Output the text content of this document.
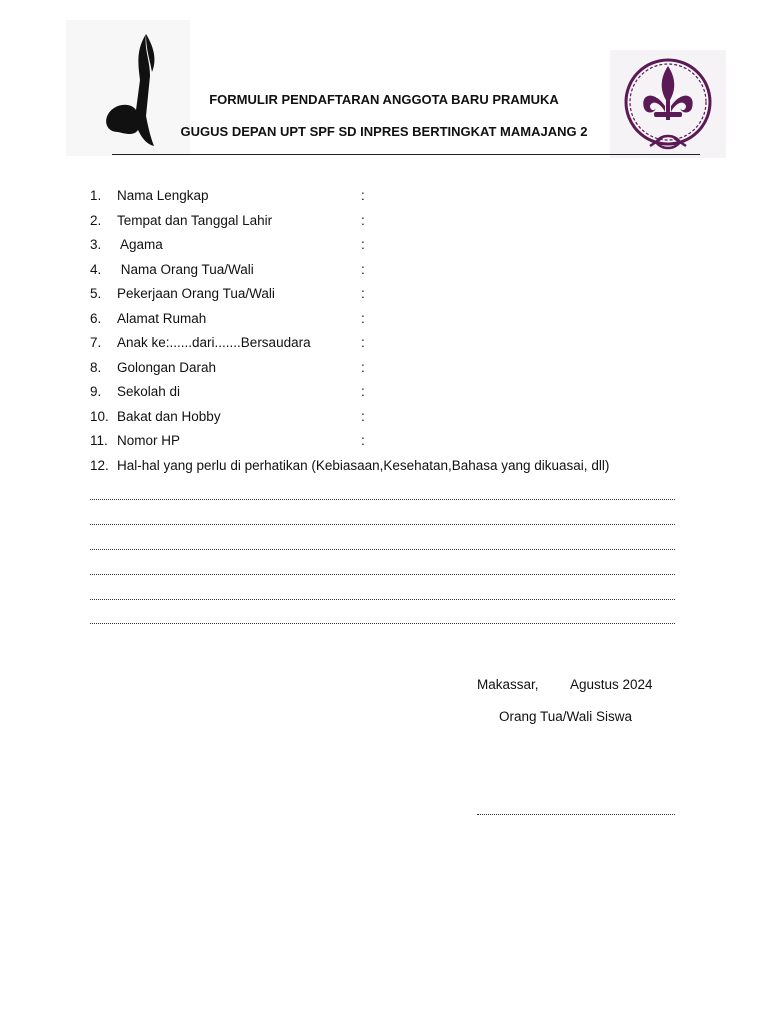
FORMULIR PENDAFTARAN ANGGOTA BARU PRAMUKA
GUGUS DEPAN UPT SPF SD INPRES BERTINGKAT MAMAJANG 2
1. Nama Lengkap	:
2. Tempat dan Tanggal Lahir	:
3. Agama	:
4. Nama Orang Tua/Wali	:
5. Pekerjaan Orang Tua/Wali	:
6. Alamat Rumah	:
7. Anak ke:......dari.......Bersaudara	:
8. Golongan Darah	:
9. Sekolah di	:
10. Bakat dan Hobby	:
11. Nomor HP	:
12. Hal-hal yang perlu di perhatikan (Kebiasaan,Kesehatan,Bahasa yang dikuasai, dll)
Makassar, Agustus 2024
Orang Tua/Wali Siswa
